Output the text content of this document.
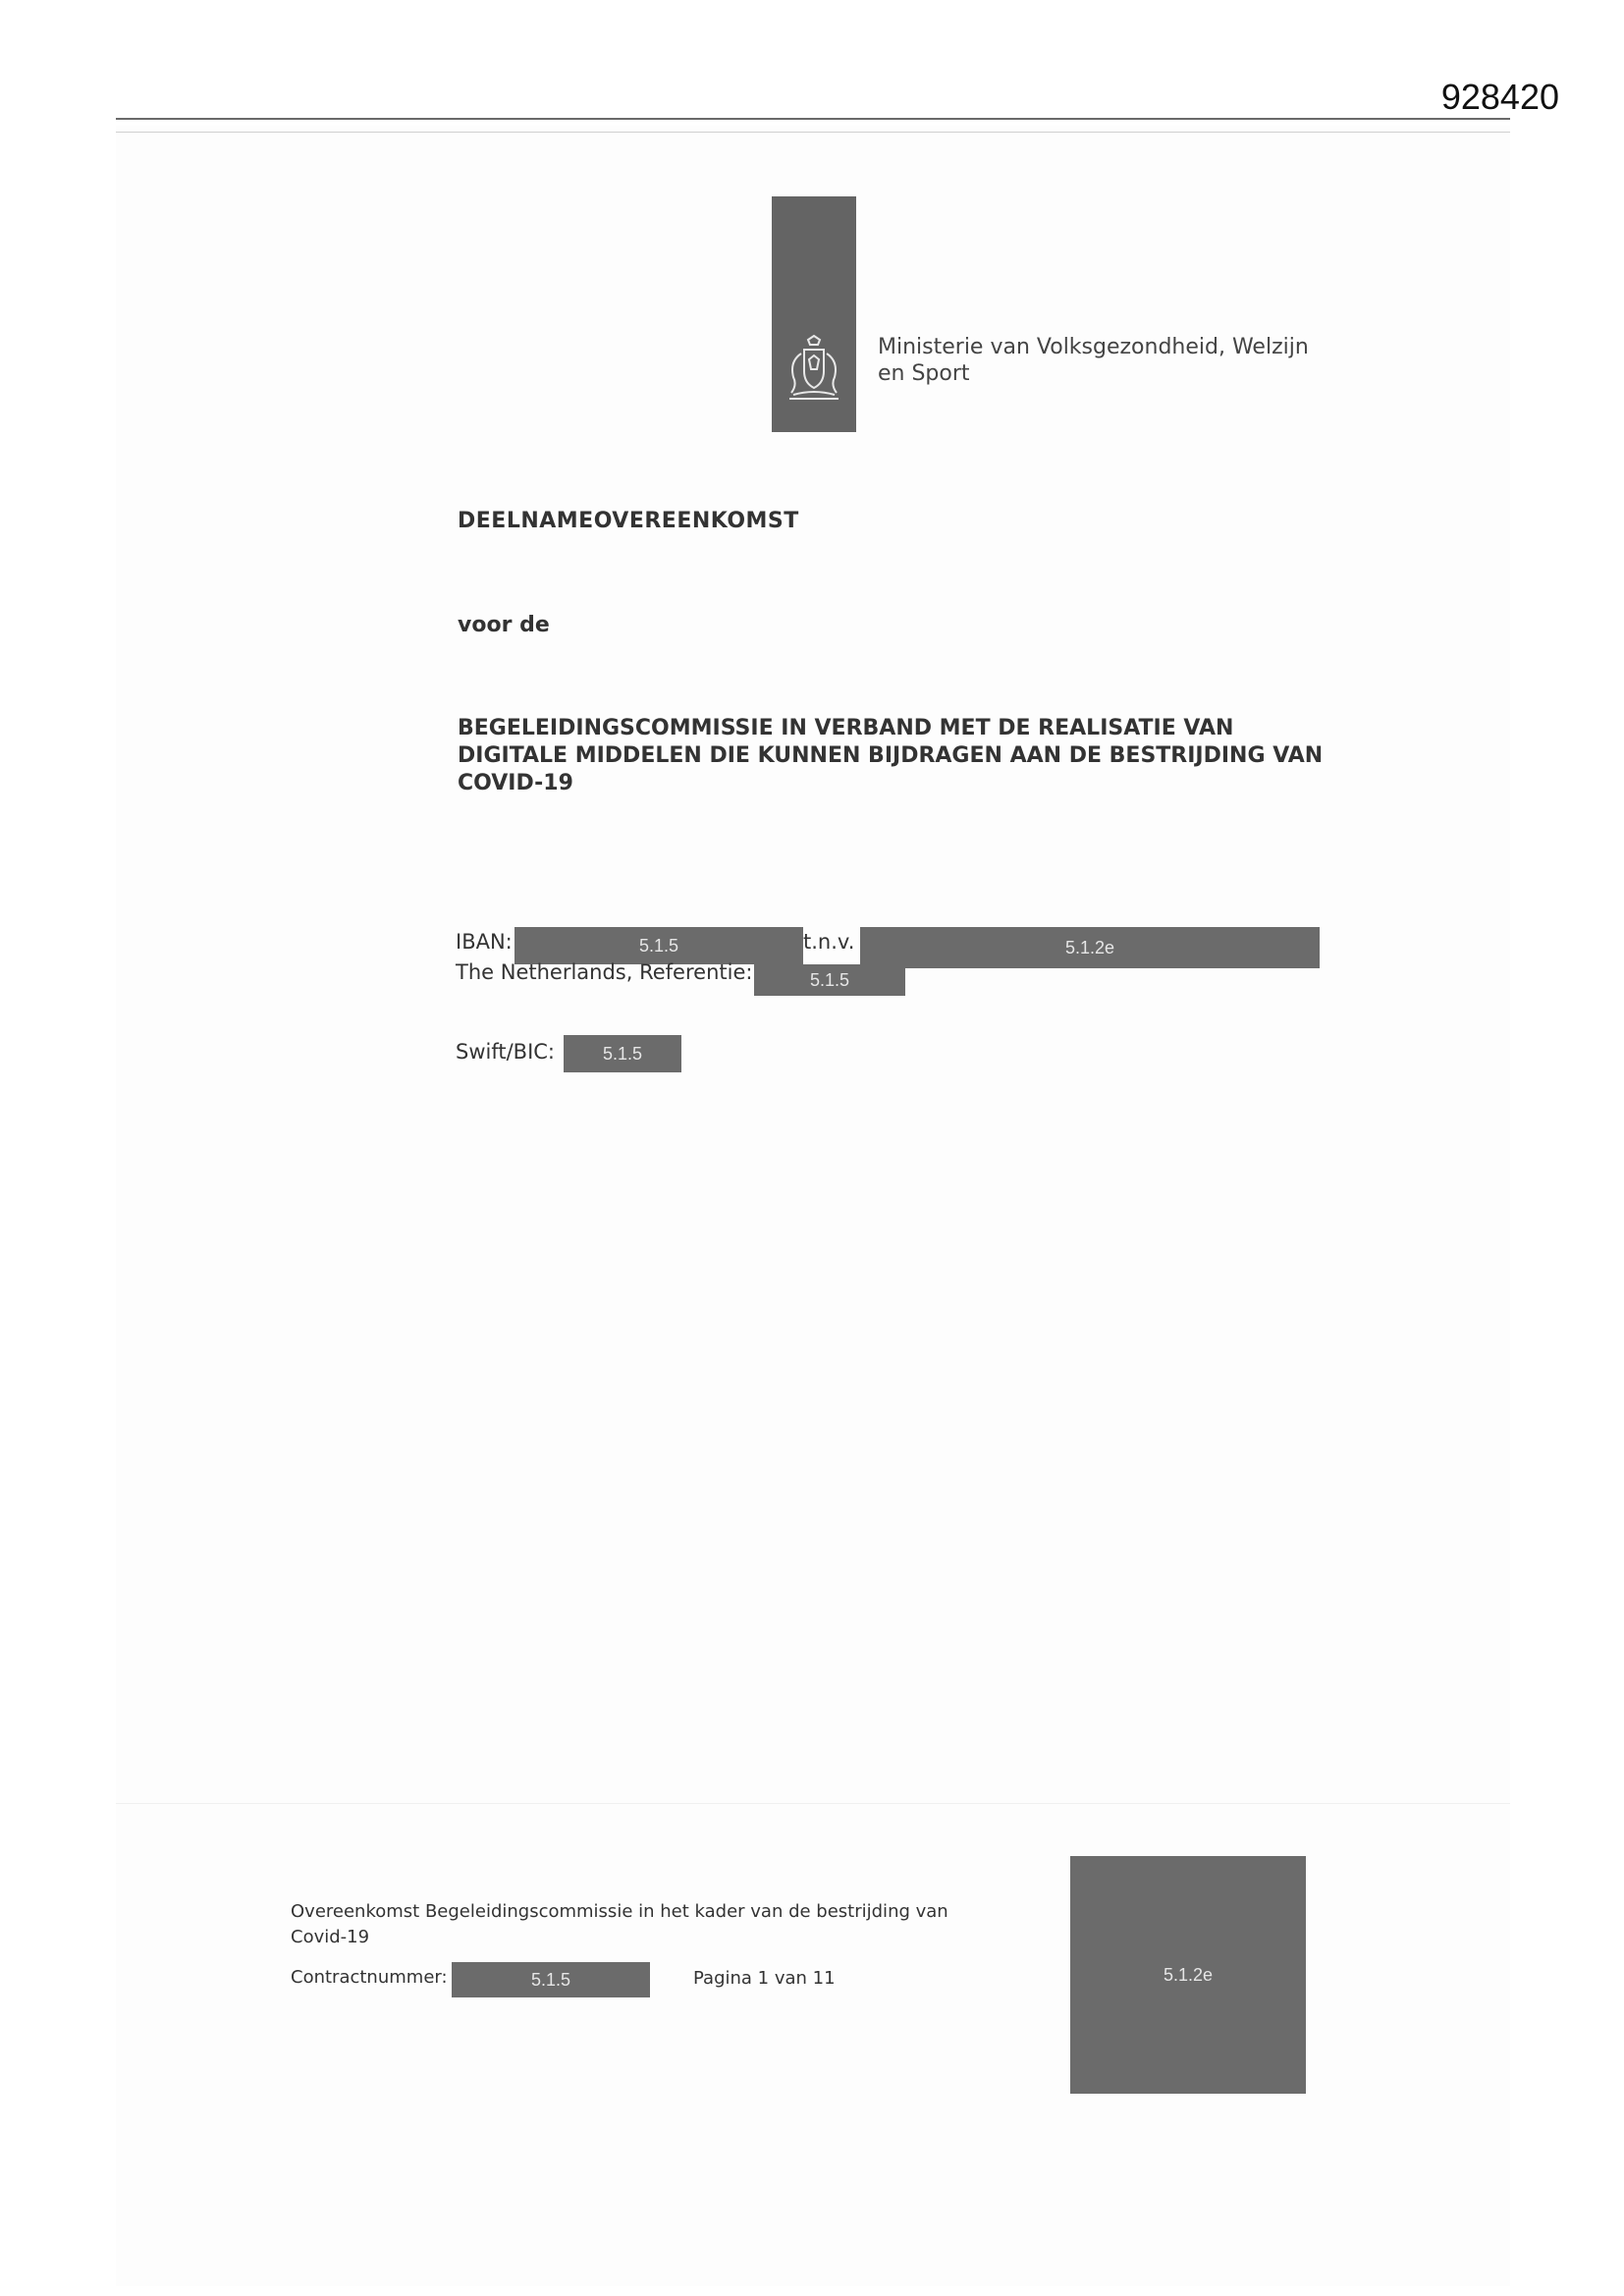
928420
Ministerie van Volksgezondheid, Welzijn
en Sport
DEELNAMEOVEREENKOMST
voor de
BEGELEIDINGSCOMMISSIE IN VERBAND MET DE REALISATIE VAN
DIGITALE MIDDELEN DIE KUNNEN BIJDRAGEN AAN DE BESTRIJDING VAN
COVID-19
IBAN:	5.1.5	t.n.v.	5.1.2e
The Netherlands, Referentie:	5.1.5
Swift/BIC:	5.1.5
Overeenkomst Begeleidingscommissie in het kader van de bestrijding van
Covid-19
Contractnummer:	5.1.5	Pagina 1 van 11	5.1.2e
